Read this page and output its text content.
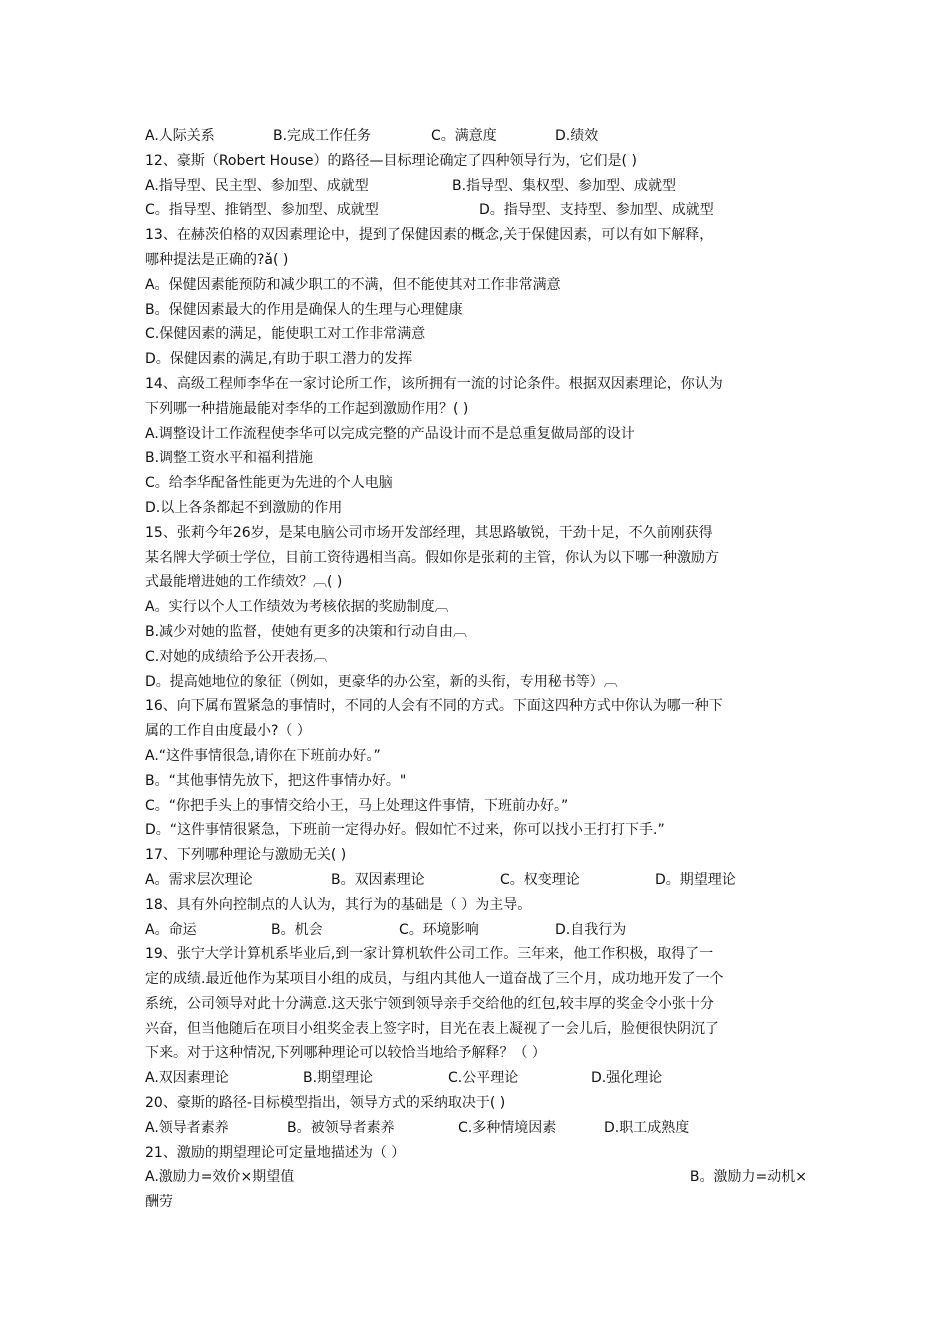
A.人际关系	B.完成工作任务	C。满意度	D.绩效
12、豪斯（Robert House）的路径—目标理论确定了四种领导行为，它们是( )
A.指导型、民主型、参加型、成就型	B.指导型、集权型、参加型、成就型
C。指导型、推销型、参加型、成就型	D。指导型、支持型、参加型、成就型
13、在赫茨伯格的双因素理论中，提到了保健因素的概念,关于保健因素，可以有如下解释，
哪种提法是正确的?ǎ( )
A。保健因素能预防和减少职工的不满，但不能使其对工作非常满意
B。保健因素最大的作用是确保人的生理与心理健康
C.保健因素的满足，能使职工对工作非常满意
D。保健因素的满足,有助于职工潜力的发挥
14、高级工程师李华在一家讨论所工作，该所拥有一流的讨论条件。根据双因素理论，你认为
下列哪一种措施最能对李华的工作起到激励作用？( )
A.调整设计工作流程使李华可以完成完整的产品设计而不是总重复做局部的设计
B.调整工资水平和福利措施
C。给李华配备性能更为先进的个人电脑
D.以上各条都起不到激励的作用
15、张莉今年26岁，是某电脑公司市场开发部经理，其思路敏锐，干劲十足，不久前刚获得
某名牌大学硕士学位，目前工资待遇相当高。假如你是张莉的主管，你认为以下哪一种激励方
式最能增进她的工作绩效？︹( )
A。实行以个人工作绩效为考核依据的奖励制度︹
B.减少对她的监督，使她有更多的决策和行动自由︹
C.对她的成绩给予公开表扬︹
D。提高她地位的象征（例如，更豪华的办公室，新的头衔，专用秘书等）︹
16、向下属布置紧急的事情时，不同的人会有不同的方式。下面这四种方式中你认为哪一种下
属的工作自由度最小?（ ）
A.“这件事情很急,请你在下班前办好。”
B。“其他事情先放下，把这件事情办好。"
C。“你把手头上的事情交给小王，马上处理这件事情，下班前办好。”
D。“这件事情很紧急，下班前一定得办好。假如忙不过来，你可以找小王打打下手.”
17、下列哪种理论与激励无关( )
A。需求层次理论	B。双因素理论	C。权变理论	D。期望理论
18、具有外向控制点的人认为，其行为的基础是（ ）为主导。
A。命运	B。机会	C。环境影响	D.自我行为
19、张宁大学计算机系毕业后,到一家计算机软件公司工作。三年来，他工作积极，取得了一
定的成绩.最近他作为某项目小组的成员，与组内其他人一道奋战了三个月，成功地开发了一个
系统，公司领导对此十分满意.这天张宁领到领导亲手交给他的红包,较丰厚的奖金令小张十分
兴奋，但当他随后在项目小组奖金表上签字时，目光在表上凝视了一会儿后，脸便很快阴沉了
下来。对于这种情况,下列哪种理论可以较恰当地给予解释？（ ）
A.双因素理论	B.期望理论	C.公平理论	D.强化理论
20、豪斯的路径-目标模型指出，领导方式的采纳取决于( )
A.领导者素养	B。被领导者素养	C.多种情境因素	D.职工成熟度
21、激励的期望理论可定量地描述为（ ）
A.激励力=效价×期望值	B。激励力=动机×
酬劳
